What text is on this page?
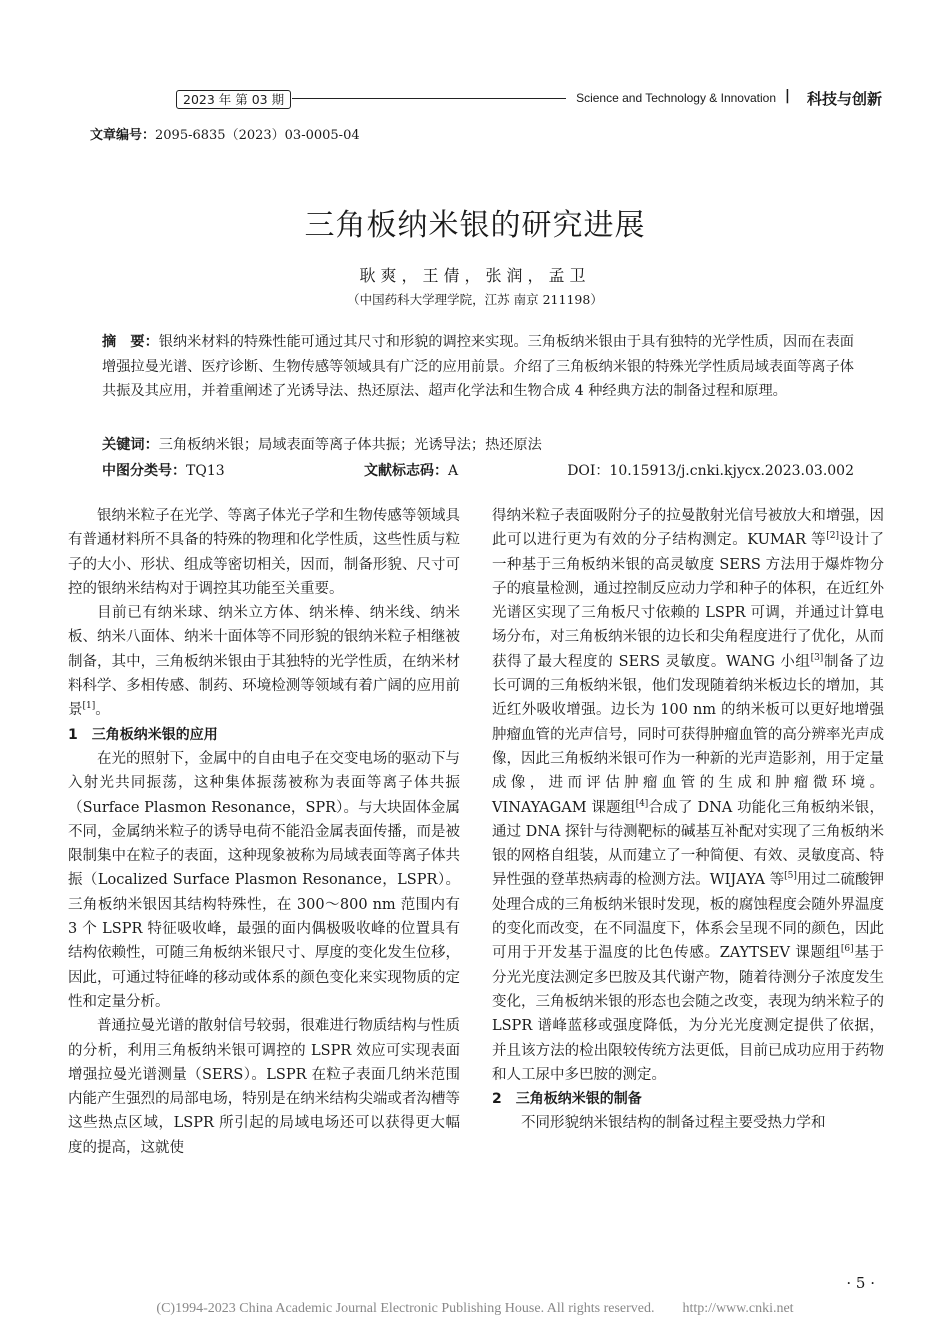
2023 年 第 03 期	Science and Technology & Innovation | 科技与创新
文章编号：2095-6835（2023）03-0005-04
三角板纳米银的研究进展
耿爽，王倩，张润，孟卫
（中国药科大学理学院，江苏 南京 211198）
摘　要：银纳米材料的特殊性能可通过其尺寸和形貌的调控来实现。三角板纳米银由于具有独特的光学性质，因而在表面增强拉曼光谱、医疗诊断、生物传感等领域具有广泛的应用前景。介绍了三角板纳米银的特殊光学性质局域表面等离子体共振及其应用，并着重阐述了光诱导法、热还原法、超声化学法和生物合成 4 种经典方法的制备过程和原理。
关键词：三角板纳米银；局域表面等离子体共振；光诱导法；热还原法
中图分类号：TQ13	文献标志码：A	DOI：10.15913/j.cnki.kjycx.2023.03.002

银纳米粒子在光学、等离子体光子学和生物传感等领域具有普通材料所不具备的特殊的物理和化学性质，这些性质与粒子的大小、形状、组成等密切相关，因而，制备形貌、尺寸可控的银纳米结构对于调控其功能至关重要。

目前已有纳米球、纳米立方体、纳米棒、纳米线、纳米板、纳米八面体、纳米十面体等不同形貌的银纳米粒子相继被制备，其中，三角板纳米银由于其独特的光学性质，在纳米材料科学、多相传感、制药、环境检测等领域有着广阔的应用前景[1]。

1　三角板纳米银的应用

在光的照射下，金属中的自由电子在交变电场的驱动下与入射光共同振荡，这种集体振荡被称为表面等离子体共振（Surface Plasmon Resonance，SPR）。与大块固体金属不同，金属纳米粒子的诱导电荷不能沿金属表面传播，而是被限制集中在粒子的表面，这种现象被称为局域表面等离子体共振（Localized Surface Plasmon Resonance，LSPR）。三角板纳米银因其结构特殊性，在 300～800 nm 范围内有 3 个 LSPR 特征吸收峰，最强的面内偶极吸收峰的位置具有结构依赖性，可随三角板纳米银尺寸、厚度的变化发生位移，因此，可通过特征峰的移动或体系的颜色变化来实现物质的定性和定量分析。

普通拉曼光谱的散射信号较弱，很难进行物质结构与性质的分析，利用三角板纳米银可调控的 LSPR 效应可实现表面增强拉曼光谱测量（SERS）。LSPR 在粒子表面几纳米范围内能产生强烈的局部电场，特别是在纳米结构尖端或者沟槽等这些热点区域，LSPR 所引起的局域电场还可以获得更大幅度的提高，这就使

得纳米粒子表面吸附分子的拉曼散射光信号被放大和增强，因此可以进行更为有效的分子结构测定。KUMAR 等[2]设计了一种基于三角板纳米银的高灵敏度 SERS 方法用于爆炸物分子的痕量检测，通过控制反应动力学和种子的体积，在近红外光谱区实现了三角板尺寸依赖的 LSPR 可调，并通过计算电场分布，对三角板纳米银的边长和尖角程度进行了优化，从而获得了最大程度的 SERS 灵敏度。WANG 小组[3]制备了边长可调的三角板纳米银，他们发现随着纳米板边长的增加，其近红外吸收增强。边长为 100 nm 的纳米板可以更好地增强肿瘤血管的光声信号，同时可获得肿瘤血管的高分辨率光声成像，因此三角板纳米银可作为一种新的光声造影剂，用于定量成像，进而评估肿瘤血管的生成和肿瘤微环境。VINAYAGAM 课题组[4]合成了 DNA 功能化三角板纳米银，通过 DNA 探针与待测靶标的碱基互补配对实现了三角板纳米银的网格自组装，从而建立了一种简便、有效、灵敏度高、特异性强的登革热病毒的检测方法。WIJAYA 等[5]用过二硫酸钾处理合成的三角板纳米银时发现，板的腐蚀程度会随外界温度的变化而改变，在不同温度下，体系会呈现不同的颜色，因此可用于开发基于温度的比色传感。ZAYTSEV 课题组[6]基于分光光度法测定多巴胺及其代谢产物，随着待测分子浓度发生变化，三角板纳米银的形态也会随之改变，表现为纳米粒子的 LSPR 谱峰蓝移或强度降低，为分光光度测定提供了依据，并且该方法的检出限较传统方法更低，目前已成功应用于药物和人工尿中多巴胺的测定。

2　三角板纳米银的制备

不同形貌纳米银结构的制备过程主要受热力学和

· 5 ·
(C)1994-2023 China Academic Journal Electronic Publishing House. All rights reserved.　　http://www.cnki.net
